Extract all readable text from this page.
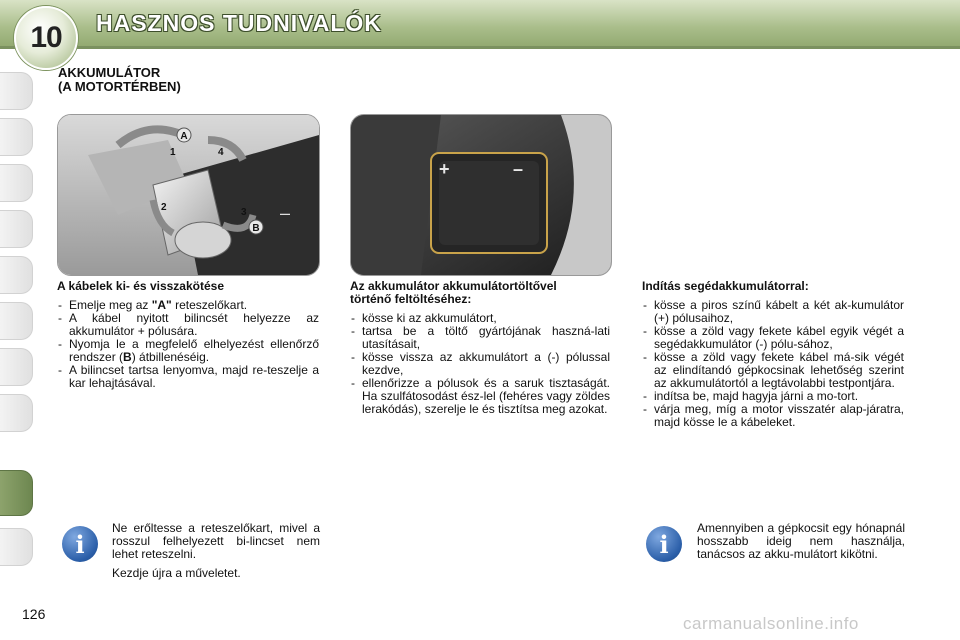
10	HASZNOS TUDNIVALÓK
AKKUMULÁTOR
(A MOTORTÉRBEN)
A
B
1
2	3
4
–
+	–
A kábelek ki- és visszakötése
- Emelje meg az "A" reteszelőkart.
- A kábel nyitott bilincsét helyezze az akkumulátor + pólusára.
- Nyomja le a megfelelő elhelyezést ellenőrző rendszer (B) átbillenéséig.
- A bilincset tartsa lenyomva, majd re-teszelje a kar lehajtásával.
Az akkumulátor akkumulátortöltővel történő feltöltéséhez:
- kösse ki az akkumulátort,
- tartsa be a töltő gyártójának haszná-lati utasításait,
- kösse vissza az akkumulátort a (-) pólussal kezdve,
- ellenőrizze a pólusok és a saruk tisztaságát. Ha szulfátosodást ész-lel (fehéres vagy zöldes lerakódás), szerelje le és tisztítsa meg azokat.
Indítás segédakkumulátorral:
- kösse a piros színű kábelt a két ak-kumulátor (+) pólusaihoz,
- kösse a zöld vagy fekete kábel egyik végét a segédakkumulátor (-) pólu-sához,
- kösse a zöld vagy fekete kábel má-sik végét az elindítandó gépkocsinak lehetőség szerint az akkumulátortól a legtávolabbi testpontjára.
- indítsa be, majd hagyja járni a mo-tort.
- várja meg, míg a motor visszatér alap-járatra, majd kösse le a kábeleket.
i

Ne erőltesse a reteszelőkart, mivel a rosszul felhelyezett bi-lincset nem lehet reteszelni.

Kezdje újra a műveletet.

i

Amennyiben a gépkocsit egy hónapnál hosszabb ideig nem használja, tanácsos az akku-mulátort kikötni.

126	carmanualsonline.info
